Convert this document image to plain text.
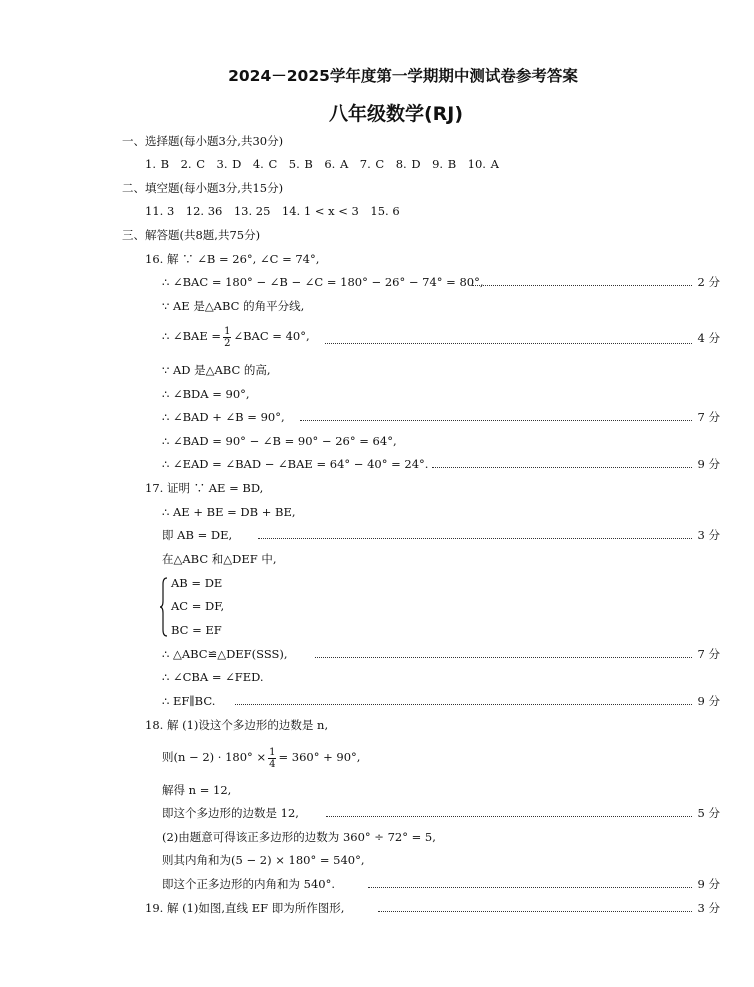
2024－2025学年度第一学期期中测试卷参考答案
八年级数学(RJ)
一、选择题(每小题3分,共30分)
1. B　2. C　3. D　4. C　5. B　6. A　7. C　8. D　9. B　10. A
二、填空题(每小题3分,共15分)
11. 3　12. 36　13. 25　14. 1 < x < 3　15. 6
三、解答题(共8题,共75分)
16. 解 ∵ ∠B = 26°, ∠C = 74°,
∴ ∠BAC = 180° − ∠B − ∠C = 180° − 26° − 74° = 80°,	2 分
∵ AE 是△ABC 的角平分线,
∴ ∠BAE = $\frac{1}{2}$ ∠BAC = 40°,	4 分
∵ AD 是△ABC 的高,
∴ ∠BDA = 90°,
∴ ∠BAD + ∠B = 90°,	7 分
∴ ∠BAD = 90° − ∠B = 90° − 26° = 64°,
∴ ∠EAD = ∠BAD − ∠BAE = 64° − 40° = 24°.	9 分
17. 证明 ∵ AE = BD,
∴ AE + BE = DB + BE,
即 AB = DE,	3 分
在△ABC 和△DEF 中,
AB = DE
AC = DF,
BC = EF
∴ △ABC≌△DEF(SSS),	7 分
∴ ∠CBA = ∠FED.
∴ EF∥BC.	9 分
18. 解 (1)设这个多边形的边数是 n,
则$(n - 2) \cdot 180^\circ \times \frac{1}{4} = 360^\circ + 90^\circ$,
解得 n = 12,
即这个多边形的边数是 12,	5 分
(2)由题意可得该正多边形的边数为 360° ÷ 72° = 5,
则其内角和为(5 − 2) × 180° = 540°,
即这个正多边形的内角和为 540°.	9 分
19. 解 (1)如图,直线 EF 即为所作图形,	3 分
